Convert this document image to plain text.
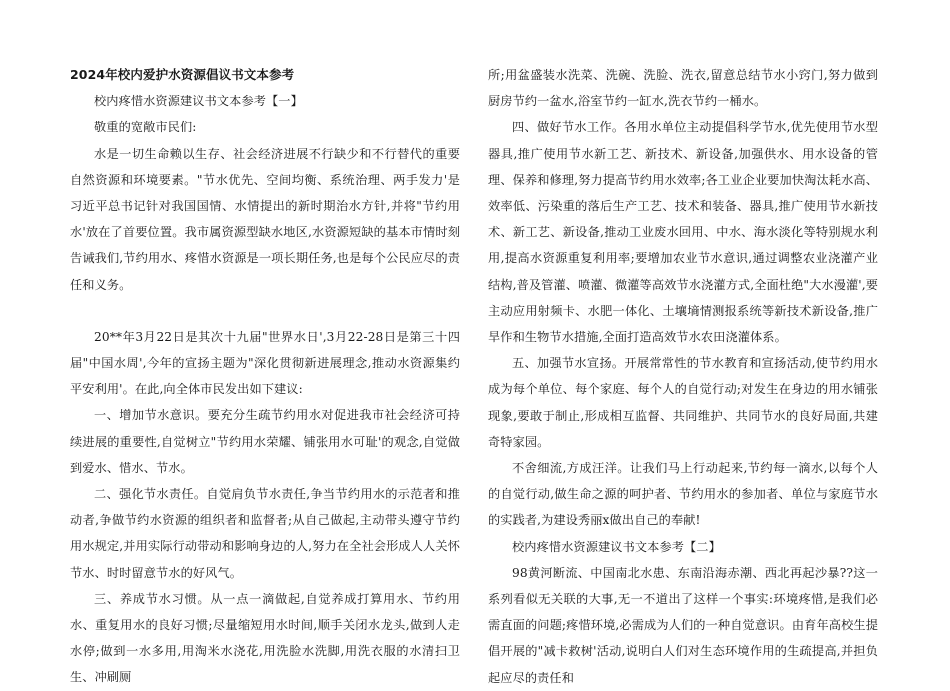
2024年校内爱护水资源倡议书文本参考

校内疼惜水资源建议书文本参考【一】

敬重的宽敞市民们:

水是一切生命赖以生存、社会经济进展不行缺少和不行替代的重要自然资源和环境要素。"节水优先、空间均衡、系统治理、两手发力'是习近平总书记针对我国国情、水情提出的新时期治水方针,并将"节约用水'放在了首要位置。我市属资源型缺水地区,水资源短缺的基本市情时刻告诫我们,节约用水、疼惜水资源是一项长期任务,也是每个公民应尽的责任和义务。

20**年3月22日是其次十九届"世界水日',3月22-28日是第三十四届"中国水周',今年的宣扬主题为"深化贯彻新进展理念,推动水资源集约平安利用'。在此,向全体市民发出如下建议:

一、增加节水意识。要充分生疏节约用水对促进我市社会经济可持续进展的重要性,自觉树立"节约用水荣耀、铺张用水可耻'的观念,自觉做到爱水、惜水、节水。

二、强化节水责任。自觉肩负节水责任,争当节约用水的示范者和推动者,争做节约水资源的组织者和监督者;从自己做起,主动带头遵守节约用水规定,并用实际行动带动和影响身边的人,努力在全社会形成人人关怀节水、时时留意节水的好风气。

三、养成节水习惯。从一点一滴做起,自觉养成打算用水、节约用水、重复用水的良好习惯;尽量缩短用水时间,顺手关闭水龙头,做到人走水停;做到一水多用,用淘米水浇花,用洗脸水洗脚,用洗衣服的水清扫卫生、冲刷厕

所;用盆盛装水洗菜、洗碗、洗脸、洗衣,留意总结节水小窍门,努力做到厨房节约一盆水,浴室节约一缸水,洗衣节约一桶水。

四、做好节水工作。各用水单位主动提倡科学节水,优先使用节水型器具,推广使用节水新工艺、新技术、新设备,加强供水、用水设备的管理、保养和修理,努力提高节约用水效率;各工业企业要加快淘汰耗水高、效率低、污染重的落后生产工艺、技术和装备、器具,推广使用节水新技术、新工艺、新设备,推动工业废水回用、中水、海水淡化等特别规水利用,提高水资源重复利用率;要增加农业节水意识,通过调整农业浇灌产业结构,普及管灌、喷灌、微灌等高效节水浇灌方式,全面杜绝"大水漫灌',要主动应用射频卡、水肥一体化、土壤墒情测报系统等新技术新设备,推广旱作和生物节水措施,全面打造高效节水农田浇灌体系。

五、加强节水宣扬。开展常常性的节水教育和宣扬活动,使节约用水成为每个单位、每个家庭、每个人的自觉行动;对发生在身边的用水铺张现象,要敢于制止,形成相互监督、共同维护、共同节水的良好局面,共建奇特家园。

不舍细流,方成汪洋。让我们马上行动起来,节约每一滴水,以每个人的自觉行动,做生命之源的呵护者、节约用水的参加者、单位与家庭节水的实践者,为建设秀丽x做出自己的奉献!

校内疼惜水资源建议书文本参考【二】

98黄河断流、中国南北水患、东南沿海赤潮、西北再起沙暴??这一系列看似无关联的大事,无一不道出了这样一个事实:环境疼惜,是我们必需直面的问题;疼惜环境,必需成为人们的一种自觉意识。由育年高校生提倡开展的"减卡救树'活动,说明白人们对生态环境作用的生疏提高,并担负起应尽的责任和
